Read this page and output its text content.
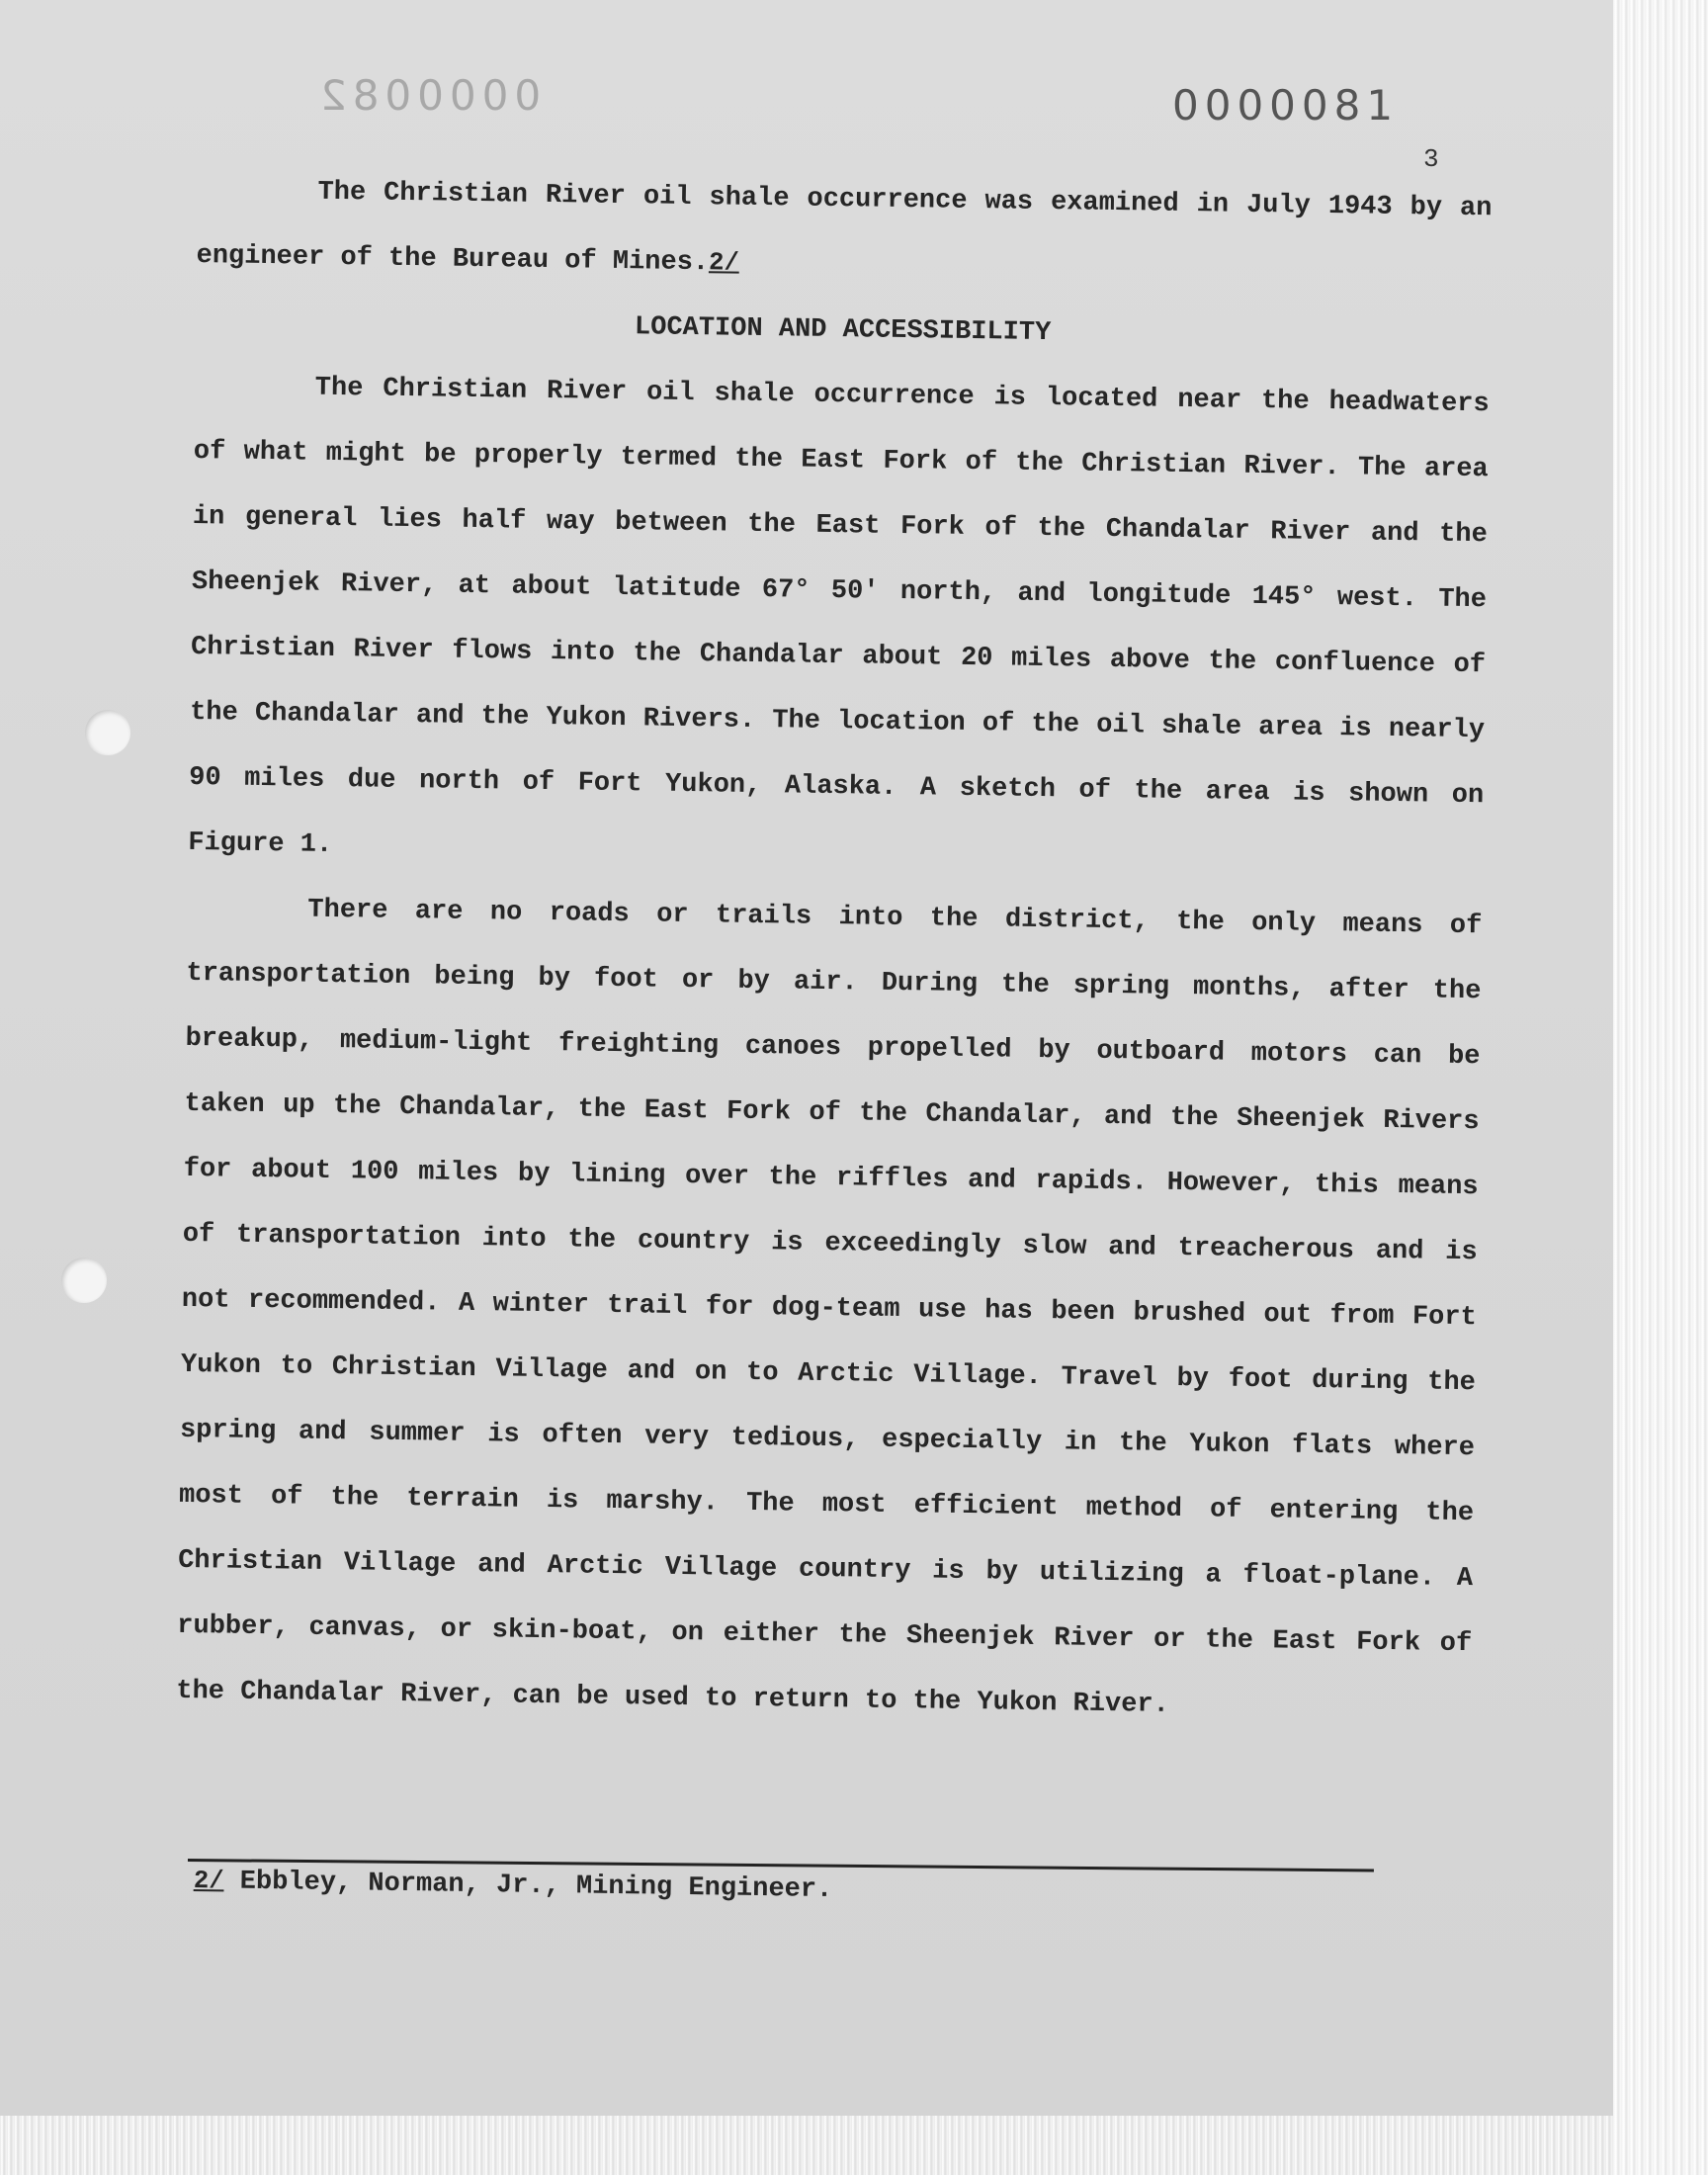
0000082	0000081
3

The Christian River oil shale occurrence was examined in July 1943 by an engineer of the Bureau of Mines.2/

LOCATION AND ACCESSIBILITY

The Christian River oil shale occurrence is located near the headwaters of what might be properly termed the East Fork of the Christian River. The area in general lies half way between the East Fork of the Chandalar River and the Sheenjek River, at about latitude 67° 50' north, and longitude 145° west. The Christian River flows into the Chandalar about 20 miles above the confluence of the Chandalar and the Yukon Rivers. The location of the oil shale area is nearly 90 miles due north of Fort Yukon, Alaska. A sketch of the area is shown on Figure 1.

There are no roads or trails into the district, the only means of transportation being by foot or by air. During the spring months, after the breakup, medium-light freighting canoes propelled by outboard motors can be taken up the Chandalar, the East Fork of the Chandalar, and the Sheenjek Rivers for about 100 miles by lining over the riffles and rapids. However, this means of transportation into the country is exceedingly slow and treacherous and is not recommended. A winter trail for dog-team use has been brushed out from Fort Yukon to Christian Village and on to Arctic Village. Travel by foot during the spring and summer is often very tedious, especially in the Yukon flats where most of the terrain is marshy. The most efficient method of entering the Christian Village and Arctic Village country is by utilizing a float-plane. A rubber, canvas, or skin-boat, on either the Sheenjek River or the East Fork of the Chandalar River, can be used to return to the Yukon River.

2/ Ebbley, Norman, Jr., Mining Engineer.
